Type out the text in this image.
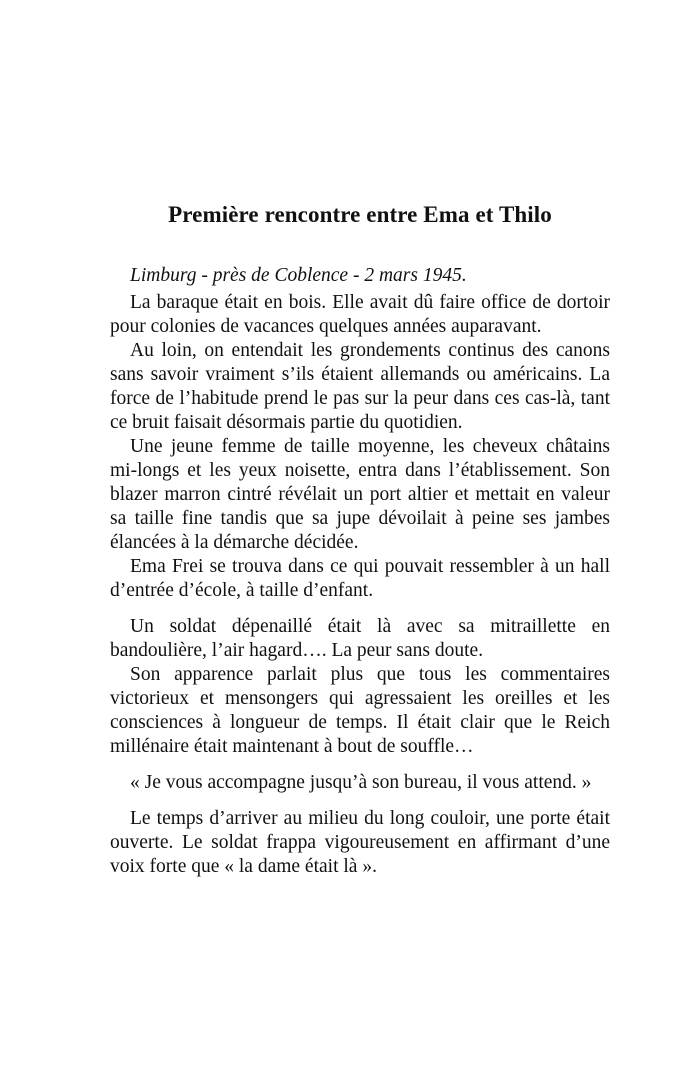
Première rencontre entre Ema et Thilo

Limburg - près de Coblence - 2 mars 1945.

La baraque était en bois. Elle avait dû faire office de dortoir pour colonies de vacances quelques années auparavant.

Au loin, on entendait les grondements continus des canons sans savoir vraiment s’ils étaient allemands ou américains. La force de l’habitude prend le pas sur la peur dans ces cas-là, tant ce bruit faisait désormais partie du quotidien.

Une jeune femme de taille moyenne, les cheveux châtains mi-longs et les yeux noisette, entra dans l’établissement. Son blazer marron cintré révélait un port altier et mettait en valeur sa taille fine tandis que sa jupe dévoilait à peine ses jambes élancées à la démarche décidée.

Ema Frei se trouva dans ce qui pouvait ressembler à un hall d’entrée d’école, à taille d’enfant.

Un soldat dépenaillé était là avec sa mitraillette en bandoulière, l’air hagard…. La peur sans doute.

Son apparence parlait plus que tous les commentaires victorieux et mensongers qui agressaient les oreilles et les consciences à longueur de temps. Il était clair que le Reich millénaire était maintenant à bout de souffle…

« Je vous accompagne jusqu’à son bureau, il vous attend. »

Le temps d’arriver au milieu du long couloir, une porte était ouverte. Le soldat frappa vigoureusement en affirmant d’une voix forte que « la dame était là ».
